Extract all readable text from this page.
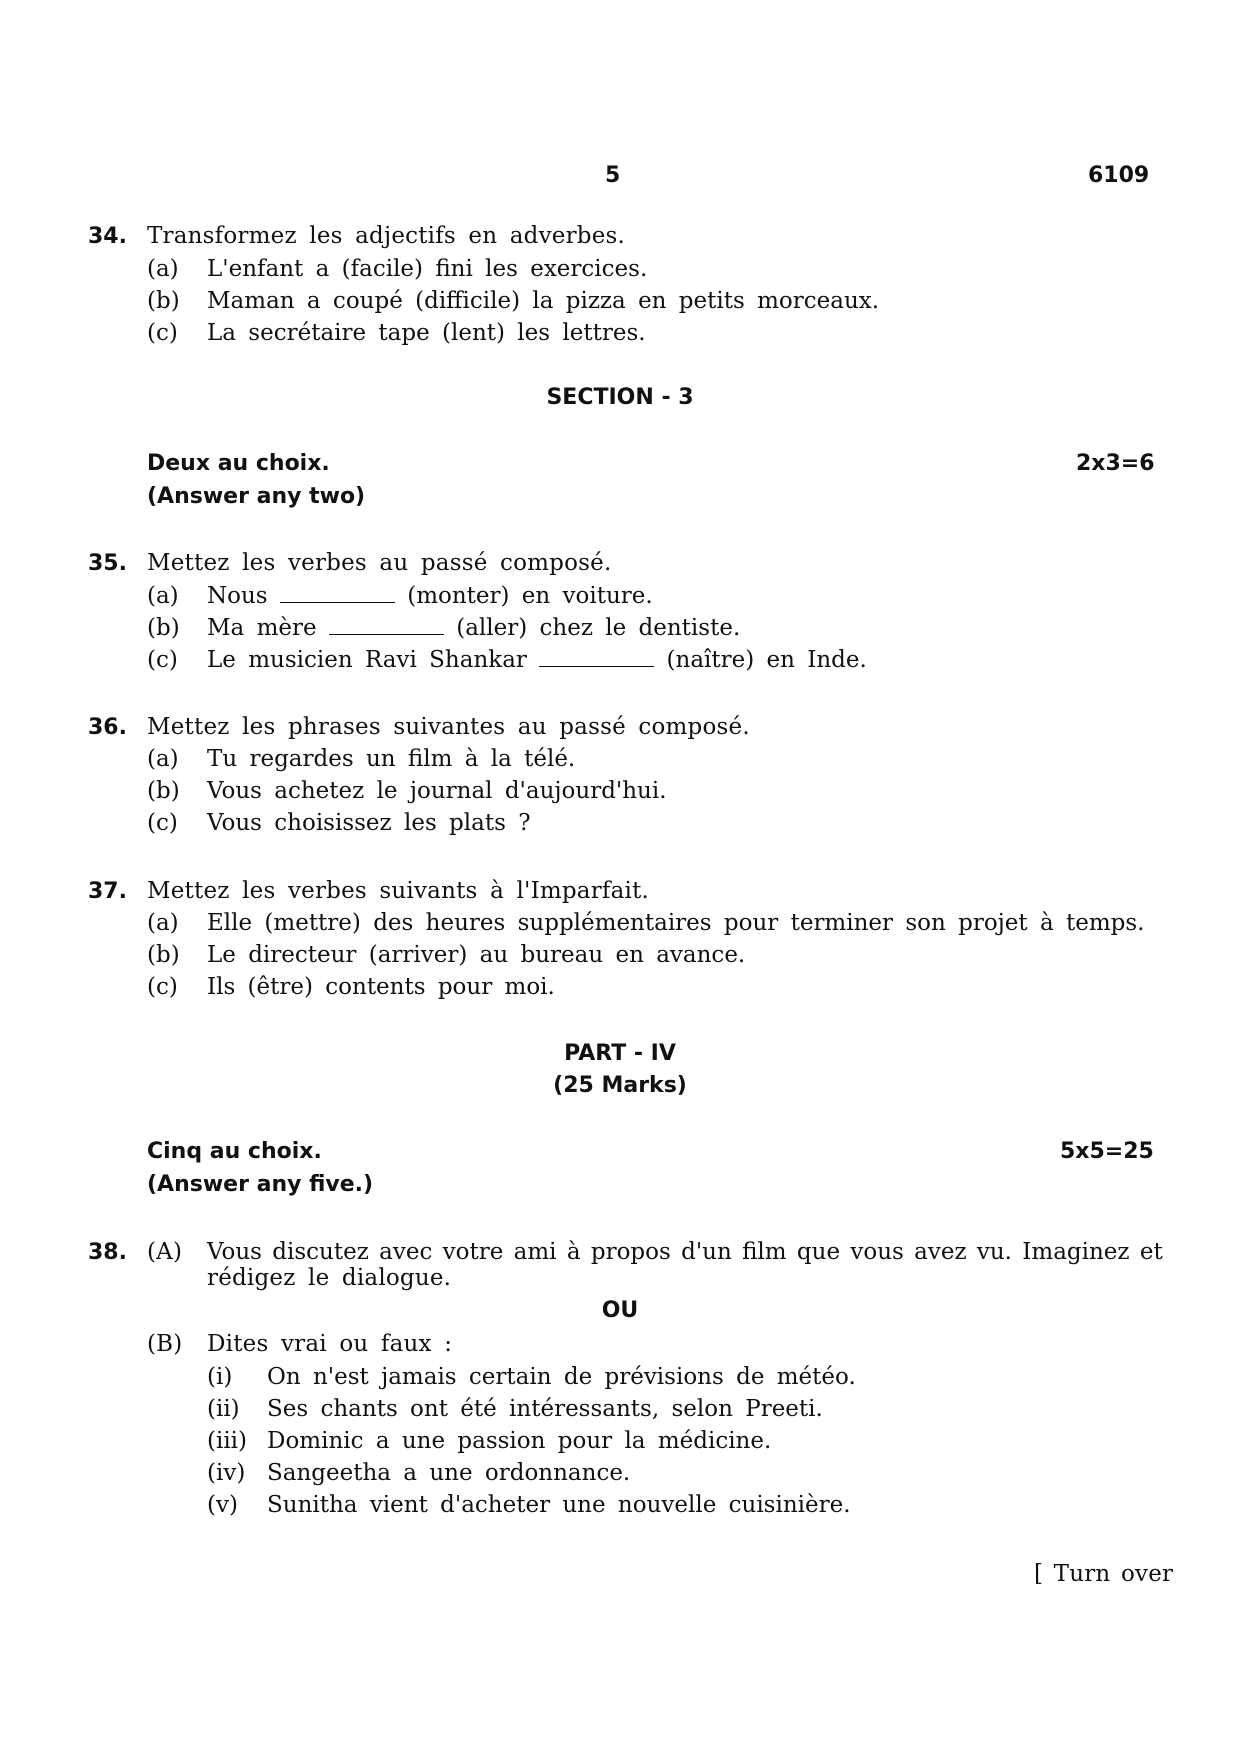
5	6109
34. Transformez les adjectifs en adverbes.
(a) L'enfant a (facile) fini les exercices.
(b) Maman a coupé (difficile) la pizza en petits morceaux.
(c) La secrétaire tape (lent) les lettres.
SECTION - 3
Deux au choix.	2x3=6
(Answer any two)
35. Mettez les verbes au passé composé.
(a) Nous	(monter) en voiture.
(b) Ma mère	(aller) chez le dentiste.
(c) Le musicien Ravi Shankar	(naître) en Inde.
36. Mettez les phrases suivantes au passé composé.
(a) Tu regardes un film à la télé.
(b) Vous achetez le journal d'aujourd'hui.
(c) Vous choisissez les plats ?
37. Mettez les verbes suivants à l'Imparfait.
(a) Elle (mettre) des heures supplémentaires pour terminer son projet à temps.
(b) Le directeur (arriver) au bureau en avance.
(c) Ils (être) contents pour moi.
PART - IV
(25 Marks)
Cinq au choix.	5x5=25
(Answer any five.)
38. (A) Vous discutez avec votre ami à propos d'un film que vous avez vu. Imaginez et
rédigez le dialogue.
OU
(B) Dites vrai ou faux :
(i) On n'est jamais certain de prévisions de météo.
(ii) Ses chants ont été intéressants, selon Preeti.
(iii) Dominic a une passion pour la médicine.
(iv) Sangeetha a une ordonnance.
(v) Sunitha vient d'acheter une nouvelle cuisinière.
[ Turn over
